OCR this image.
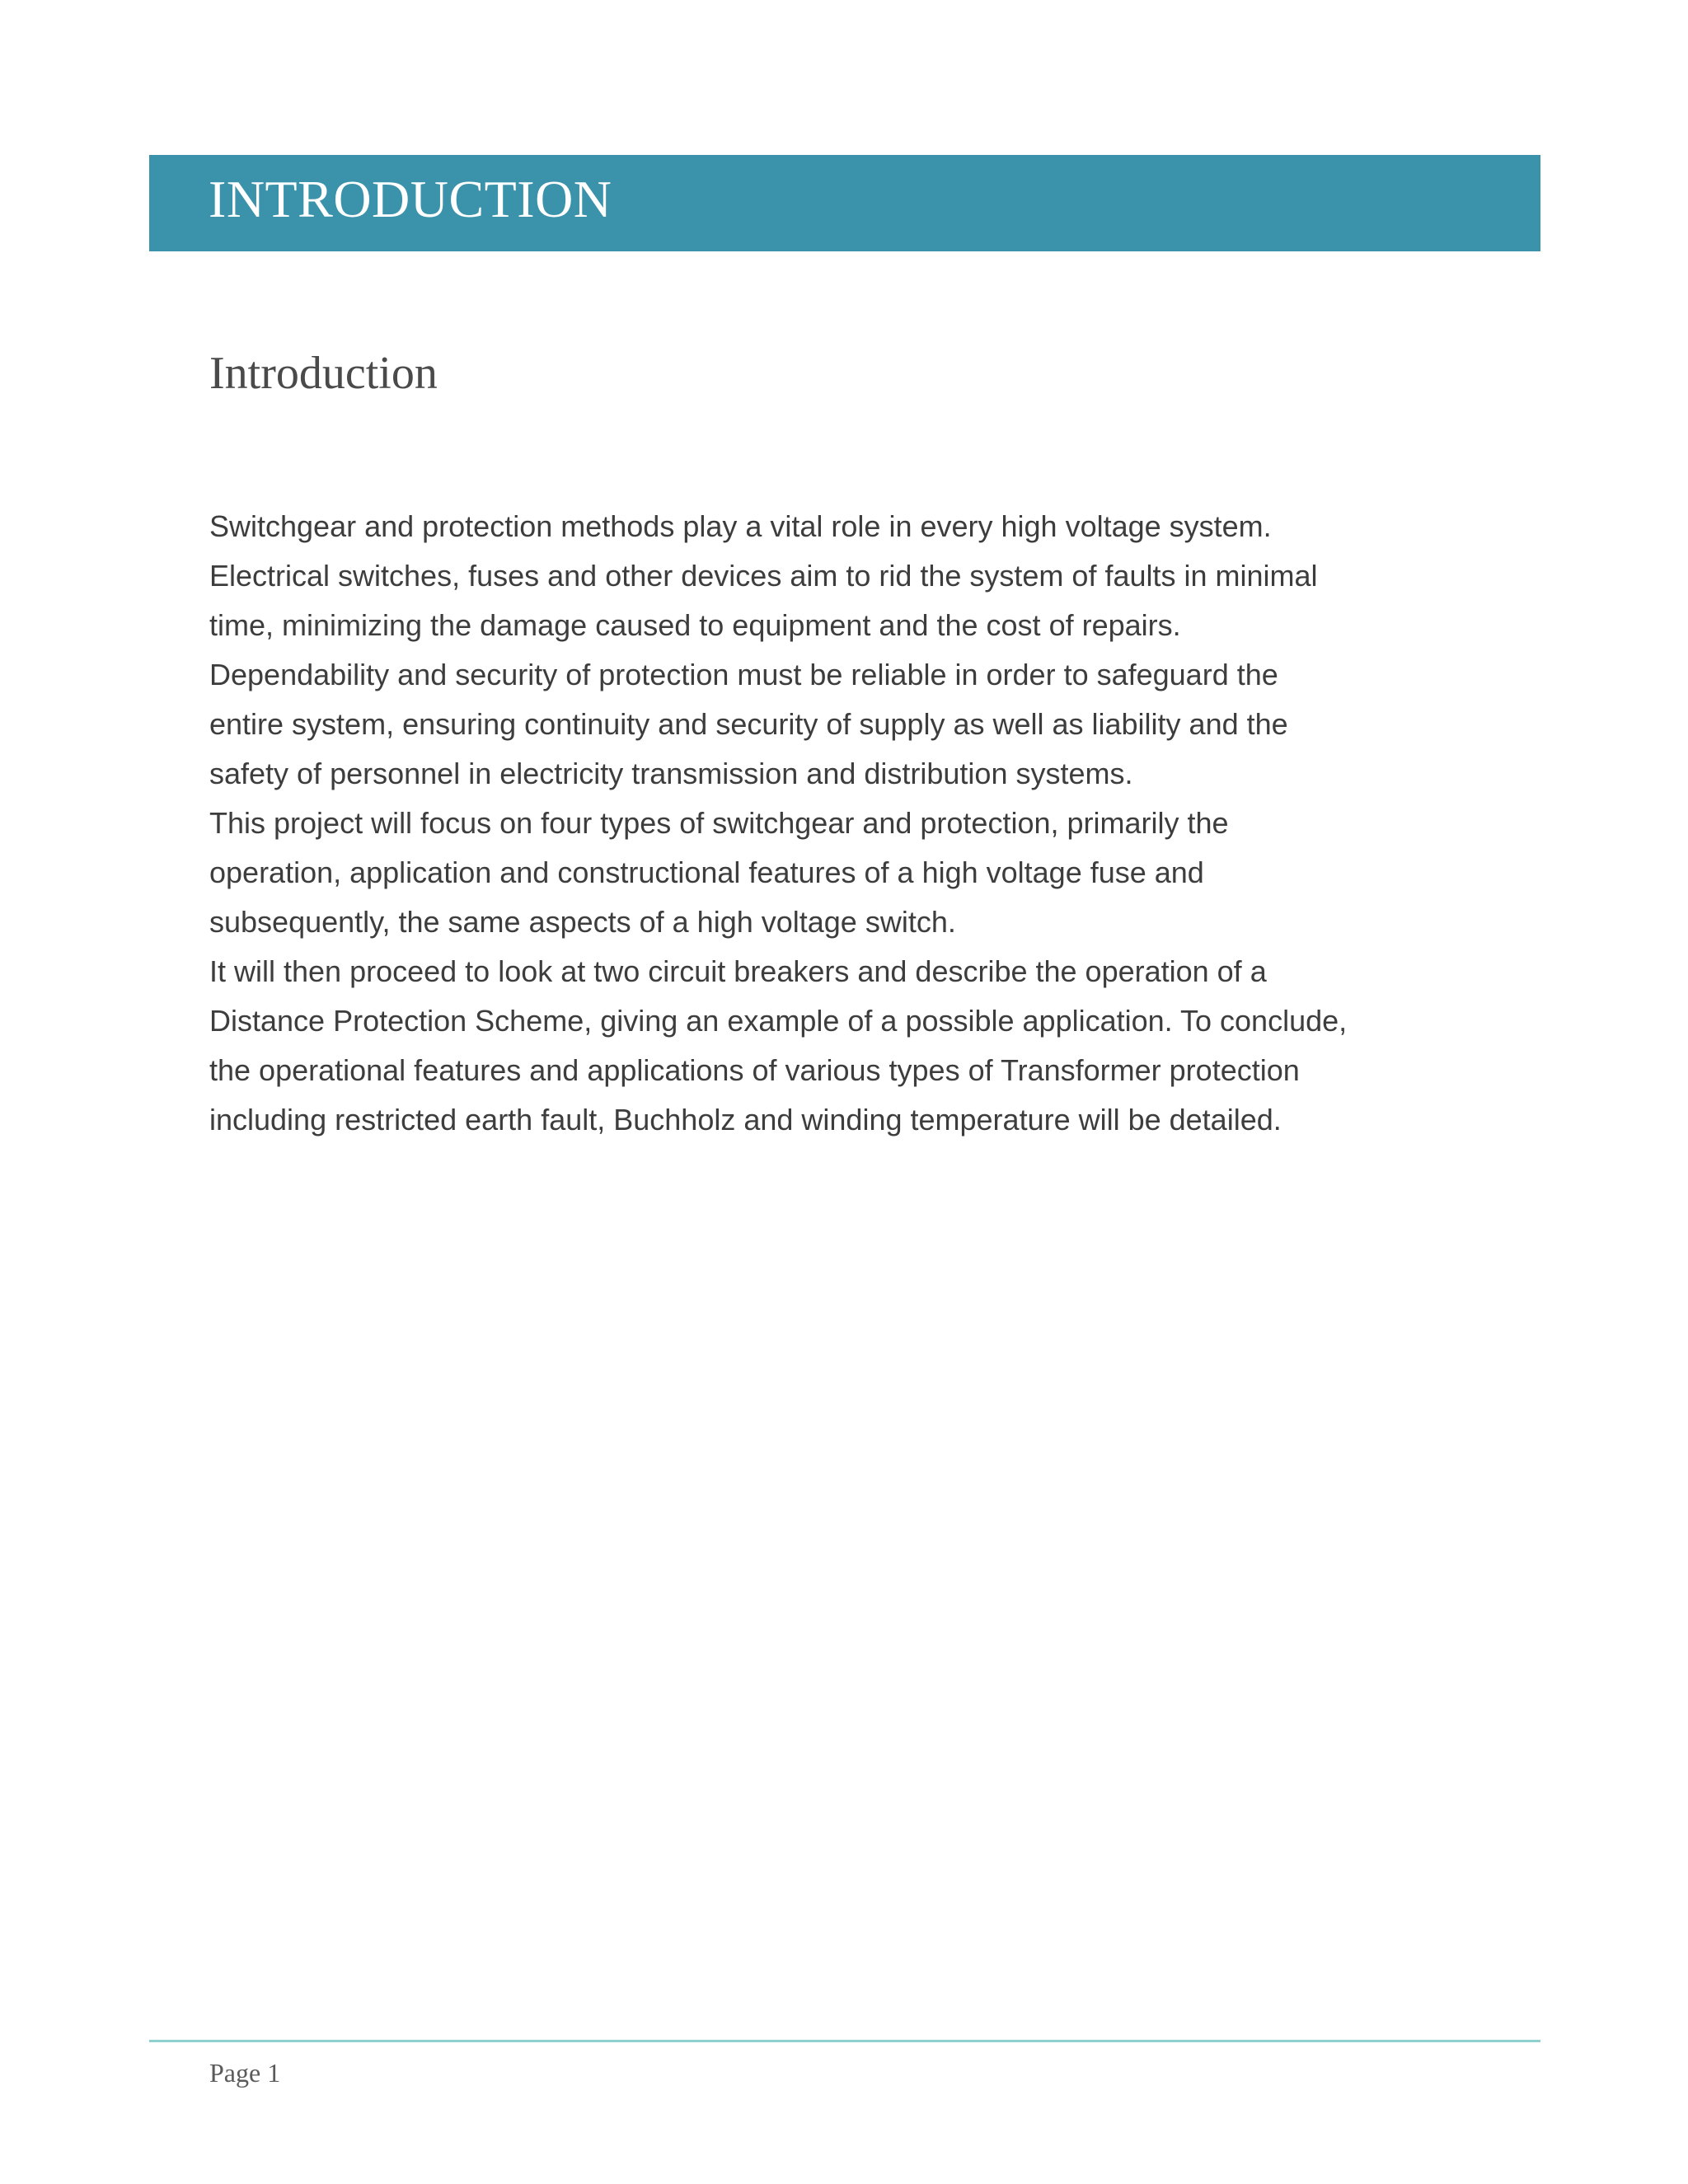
INTRODUCTION
Introduction
Switchgear and protection methods play a vital role in every high voltage system.
Electrical switches, fuses and other devices aim to rid the system of faults in minimal
time, minimizing the damage caused to equipment and the cost of repairs.
Dependability and security of protection must be reliable in order to safeguard the
entire system, ensuring continuity and security of supply as well as liability and the
safety of personnel in electricity transmission and distribution systems.
This project will focus on four types of switchgear and protection, primarily the
operation, application and constructional features of a high voltage fuse and
subsequently, the same aspects of a high voltage switch.
It will then proceed to look at two circuit breakers and describe the operation of a
Distance Protection Scheme, giving an example of a possible application. To conclude,
the operational features and applications of various types of Transformer protection
including restricted earth fault, Buchholz and winding temperature will be detailed.
Page 1
